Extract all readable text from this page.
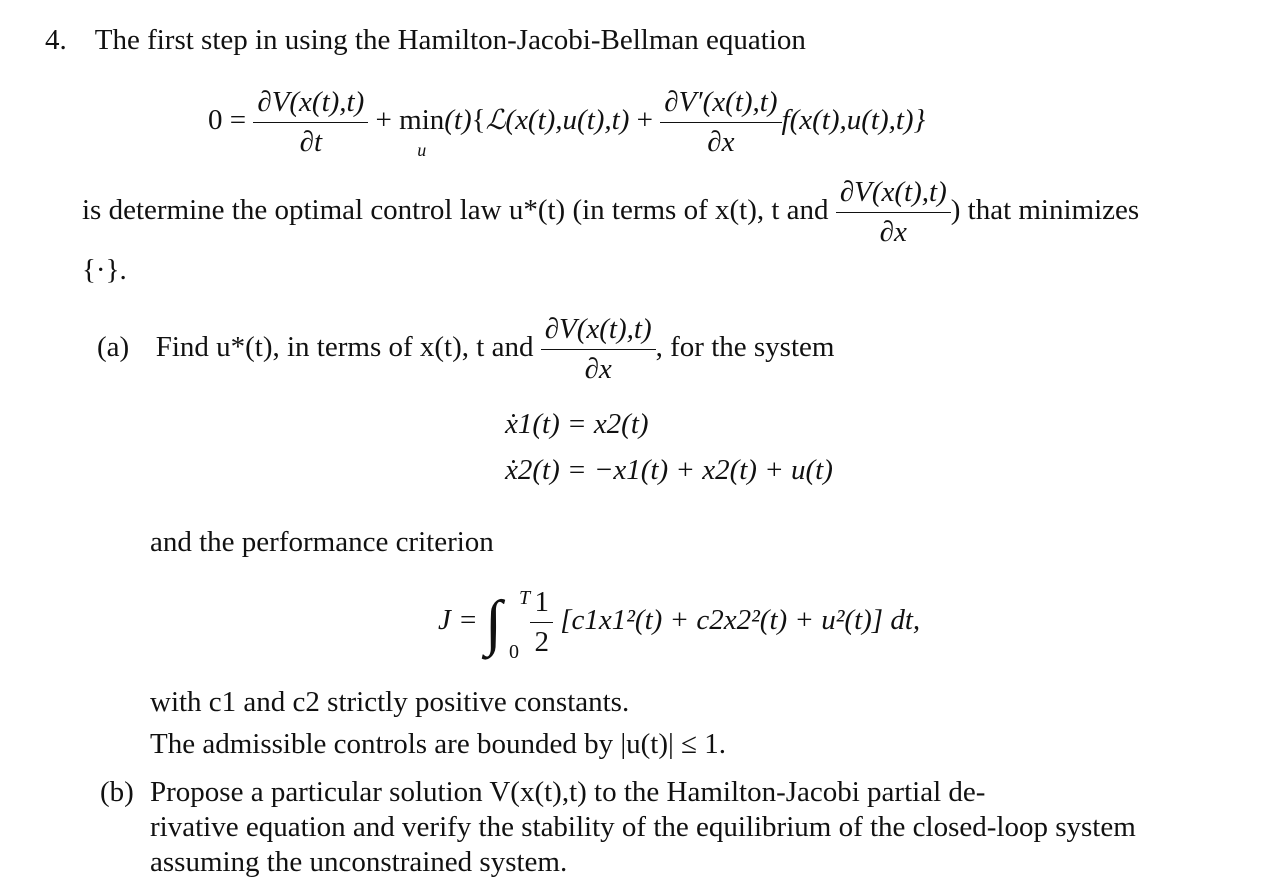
4. The first step in using the Hamilton-Jacobi-Bellman equation
$0 = \frac{\partial V(x(t),t)}{\partial t} + \min$
u
(t){ℒ(x(t),u(t),t) + $\frac{\partial V'(x(t),t)}{\partial x} f(x(t),u(t),t)$}
is determine the optimal control law u*(t) (in terms of x(t), t and $\frac{\partial V(x(t),t)}{\partial x}$ ) that minimizes
{·}.
(a) Find u*(t), in terms of x(t), t and $\frac{\partial V(x(t),t)}{\partial x}$ , for the system
ẋ1(t) = x2(t)
ẋ2(t) = −x1(t) + x2(t) + u(t)
and the performance criterion
J = ∫ T
0
$\frac{1}{2} [c1x1^2(t) + c2x2^2(t) + u^2(t)]$ dt,
with c1 and c2 strictly positive constants.
The admissible controls are bounded by |u(t)| ≤ 1.
(b) Propose a particular solution V(x(t),t) to the Hamilton-Jacobi partial de-
rivative equation and verify the stability of the equilibrium of the closed-loop system
assuming the unconstrained system.
